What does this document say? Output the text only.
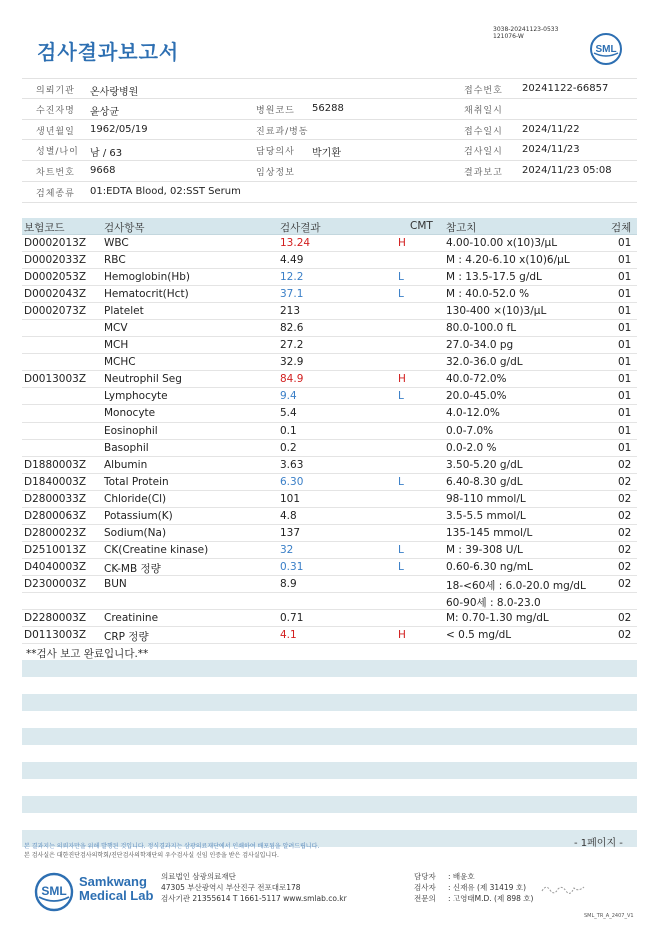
검사결과보고서
3038-20241123-0533
121076-W
SML
의뢰기관 온사랑병원	접수번호 20241122-66857
수진자명 윤상균	병원코드 56288	채취일시
생년월일 1962/05/19	진료과/병동	접수일시 2024/11/22
성별/나이 남 / 63	담당의사 박기환	검사일시 2024/11/23
차트번호 9668	임상정보	결과보고 2024/11/23 05:08
검체종류 01:EDTA Blood, 02:SST Serum
보험코드	검사항목	검사결과	CMT 참고치	검체
D0002013Z WBC	13.24	H	4.00-10.00 x(10)3/μL	01
D0002033Z RBC	4.49	M : 4.20-6.10 x(10)6/μL	01
D0002053Z Hemoglobin(Hb)	12.2	L	M : 13.5-17.5 g/dL	01
D0002043Z Hematocrit(Hct)	37.1	L	M : 40.0-52.0 %	01
D0002073Z Platelet	213	130-400 ×(10)3/μL	01
MCV	82.6	80.0-100.0 fL	01
MCH	27.2	27.0-34.0 pg	01
MCHC	32.9	32.0-36.0 g/dL	01
D0013003Z Neutrophil Seg	84.9	H	40.0-72.0%	01
Lymphocyte	9.4	L	20.0-45.0%	01
Monocyte	5.4	4.0-12.0%	01
Eosinophil	0.1	0.0-7.0%	01
Basophil	0.2	0.0-2.0 %	01
D1880003Z Albumin	3.63	3.50-5.20 g/dL	02
D1840003Z Total Protein	6.30	L	6.40-8.30 g/dL	02
D2800033Z Chloride(Cl)	101	98-110 mmol/L	02
D2800063Z Potassium(K)	4.8	3.5-5.5 mmol/L	02
D2800023Z Sodium(Na)	137	135-145 mmol/L	02
D2510013Z CK(Creatine kinase)	32	L	M : 39-308 U/L	02
D4040003Z CK-MB 정량	0.31	L	0.60-6.30 ng/mL	02
D2300003Z BUN	8.9	18-<60세 : 6.0-20.0 mg/dL	02
60-90세 : 8.0-23.0
D2280003Z Creatinine	0.71	M: 0.70-1.30 mg/dL	02
D0113003Z CRP 정량	4.1	H	< 0.5 mg/dL	02
**검사 보고 완료입니다.**
- 1페이지 -
본 결과지는 의뢰자만을 위해 발행된 것입니다. 정식결과지는 삼광의료재단에서 인쇄하여 배포됨을 알려드립니다.
본 검사실은 대한진단검사의학회/진단검사의학재단의 우수검사실 신임 인증을 받은 검사실입니다.
SML
Samkwang
Medical Lab
의료법인 삼광의료재단
47305 부산광역시 부산진구 전포대로178
검사기관 21355614 T 1661-5117 www.smlab.co.kr
담당자 : 배윤호
검사자 : 신재유 (제 31419 호)
전문의 : 고영태M.D. (제 898 호)
SML_TR_A_2407_V1
